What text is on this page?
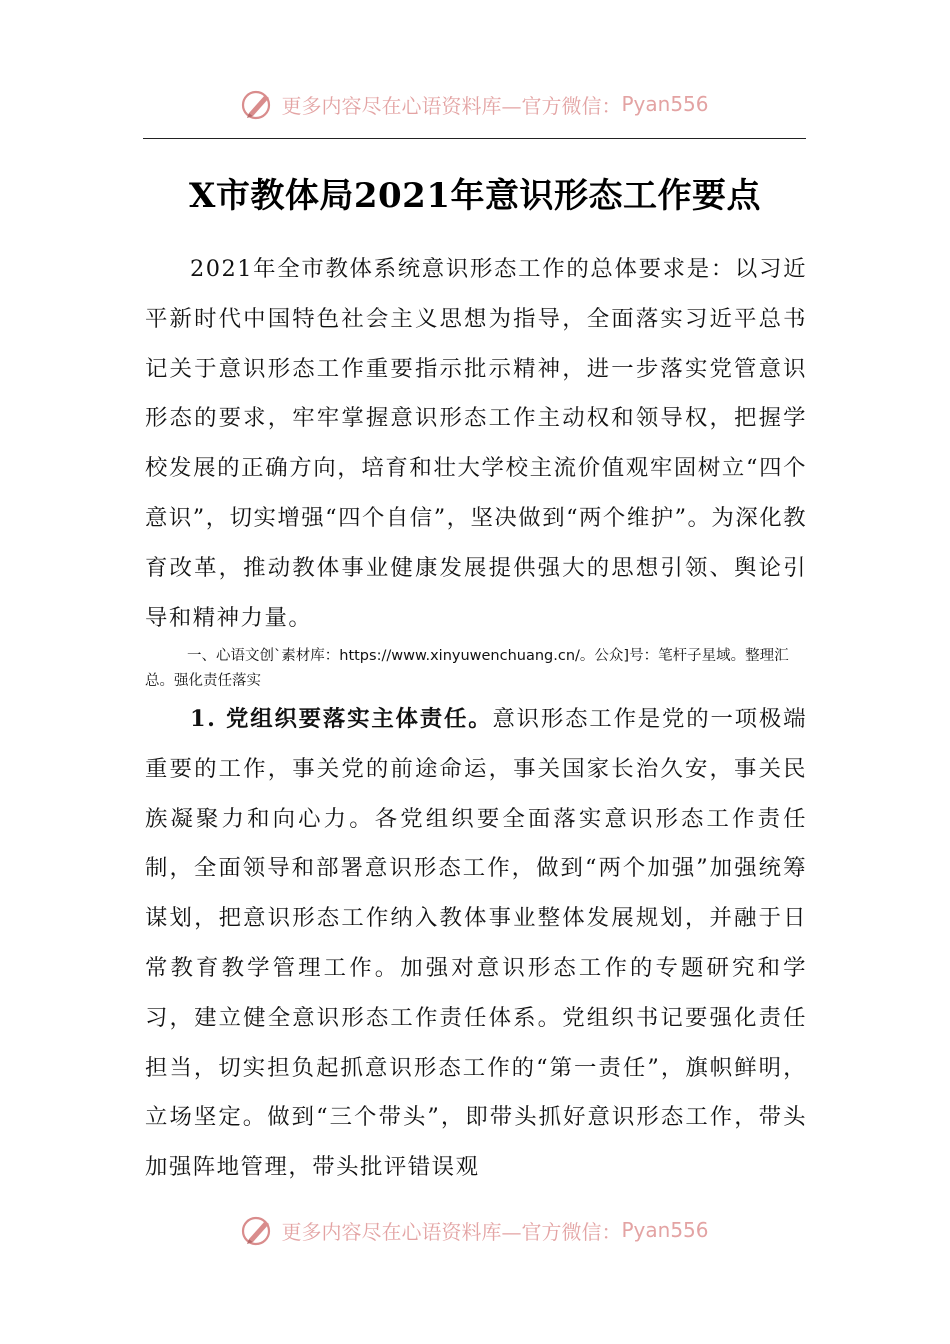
更多内容尽在心语资料库—官方微信： Pyan556
X市教体局2021年意识形态工作要点
2021年全市教体系统意识形态工作的总体要求是：以习近平新时代中国特色社会主义思想为指导，全面落实习近平总书记关于意识形态工作重要指示批示精神，进一步落实党管意识形态的要求，牢牢掌握意识形态工作主动权和领导权，把握学校发展的正确方向，培育和壮大学校主流价值观牢固树立“四个意识”，切实增强“四个自信”，坚决做到“两个维护”。为深化教育改革，推动教体事业健康发展提供强大的思想引领、舆论引导和精神力量。
一、心语文创`素材库：https://www.xinyuwenchuang.cn/。公众]号：笔杆子星域。整理汇总。强化责任落实
1. 党组织要落实主体责任。意识形态工作是党的一项极端重要的工作，事关党的前途命运，事关国家长治久安，事关民族凝聚力和向心力。各党组织要全面落实意识形态工作责任制，全面领导和部署意识形态工作，做到“两个加强”加强统筹谋划，把意识形态工作纳入教体事业整体发展规划，并融于日常教育教学管理工作。加强对意识形态工作的专题研究和学习，建立健全意识形态工作责任体系。党组织书记要强化责任担当，切实担负起抓意识形态工作的“第一责任”，旗帜鲜明，立场坚定。做到“三个带头”，即带头抓好意识形态工作，带头加强阵地管理，带头批评错误观
更多内容尽在心语资料库—官方微信： Pyan556
